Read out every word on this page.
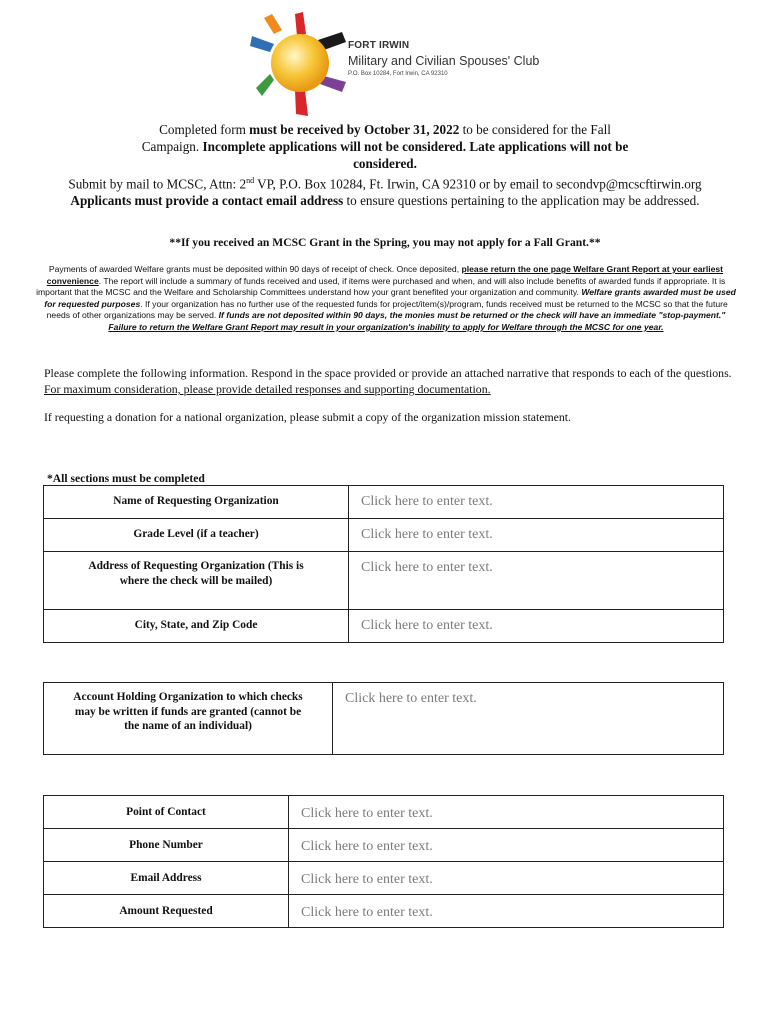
FORT IRWIN
Military and Civilian Spouses' Club
P.O. Box 10284, Fort Irwin, CA 92310

Completed form must be received by October 31, 2022 to be considered for the Fall

Campaign. Incomplete applications will not be considered. Late applications will not be

considered.

Submit by mail to MCSC, Attn: 2nd VP, P.O. Box 10284, Ft. Irwin, CA 92310 or by email to secondvp@mcscftirwin.org

Applicants must provide a contact email address to ensure questions pertaining to the application may be addressed.

**If you received an MCSC Grant in the Spring, you may not apply for a Fall Grant.**
Payments of awarded Welfare grants must be deposited within 90 days of receipt of check. Once deposited, please return the one page Welfare Grant Report at your earliest convenience. The report will include a summary of funds received and used, if items were purchased and when, and will also include benefits of awarded funds if appropriate. It is important that the MCSC and the Welfare and Scholarship Committees understand how your grant benefited your organization and community. Welfare grants awarded must be used for requested purposes. If your organization has no further use of the requested funds for project/item(s)/program, funds received must be returned to the MCSC so that the future needs of other organizations may be served. If funds are not deposited within 90 days, the monies must be returned or the check will have an immediate "stop-payment." Failure to return the Welfare Grant Report may result in your organization's inability to apply for Welfare through the MCSC for one year.
Please complete the following information. Respond in the space provided or provide an attached narrative that responds to each of the questions. For maximum consideration, please provide detailed responses and supporting documentation.
If requesting a donation for a national organization, please submit a copy of the organization mission statement.
*All sections must be completed
Name of Requesting Organization	Click here to enter text.
Grade Level (if a teacher)	Click here to enter text.
Address of Requesting Organization (This is where the check will be mailed)	Click here to enter text.
City, State, and Zip Code	Click here to enter text.
Account Holding Organization to which checks may be written if funds are granted (cannot be the name of an individual)	Click here to enter text.
Point of Contact	Click here to enter text.
Phone Number	Click here to enter text.
Email Address	Click here to enter text.
Amount Requested	Click here to enter text.
